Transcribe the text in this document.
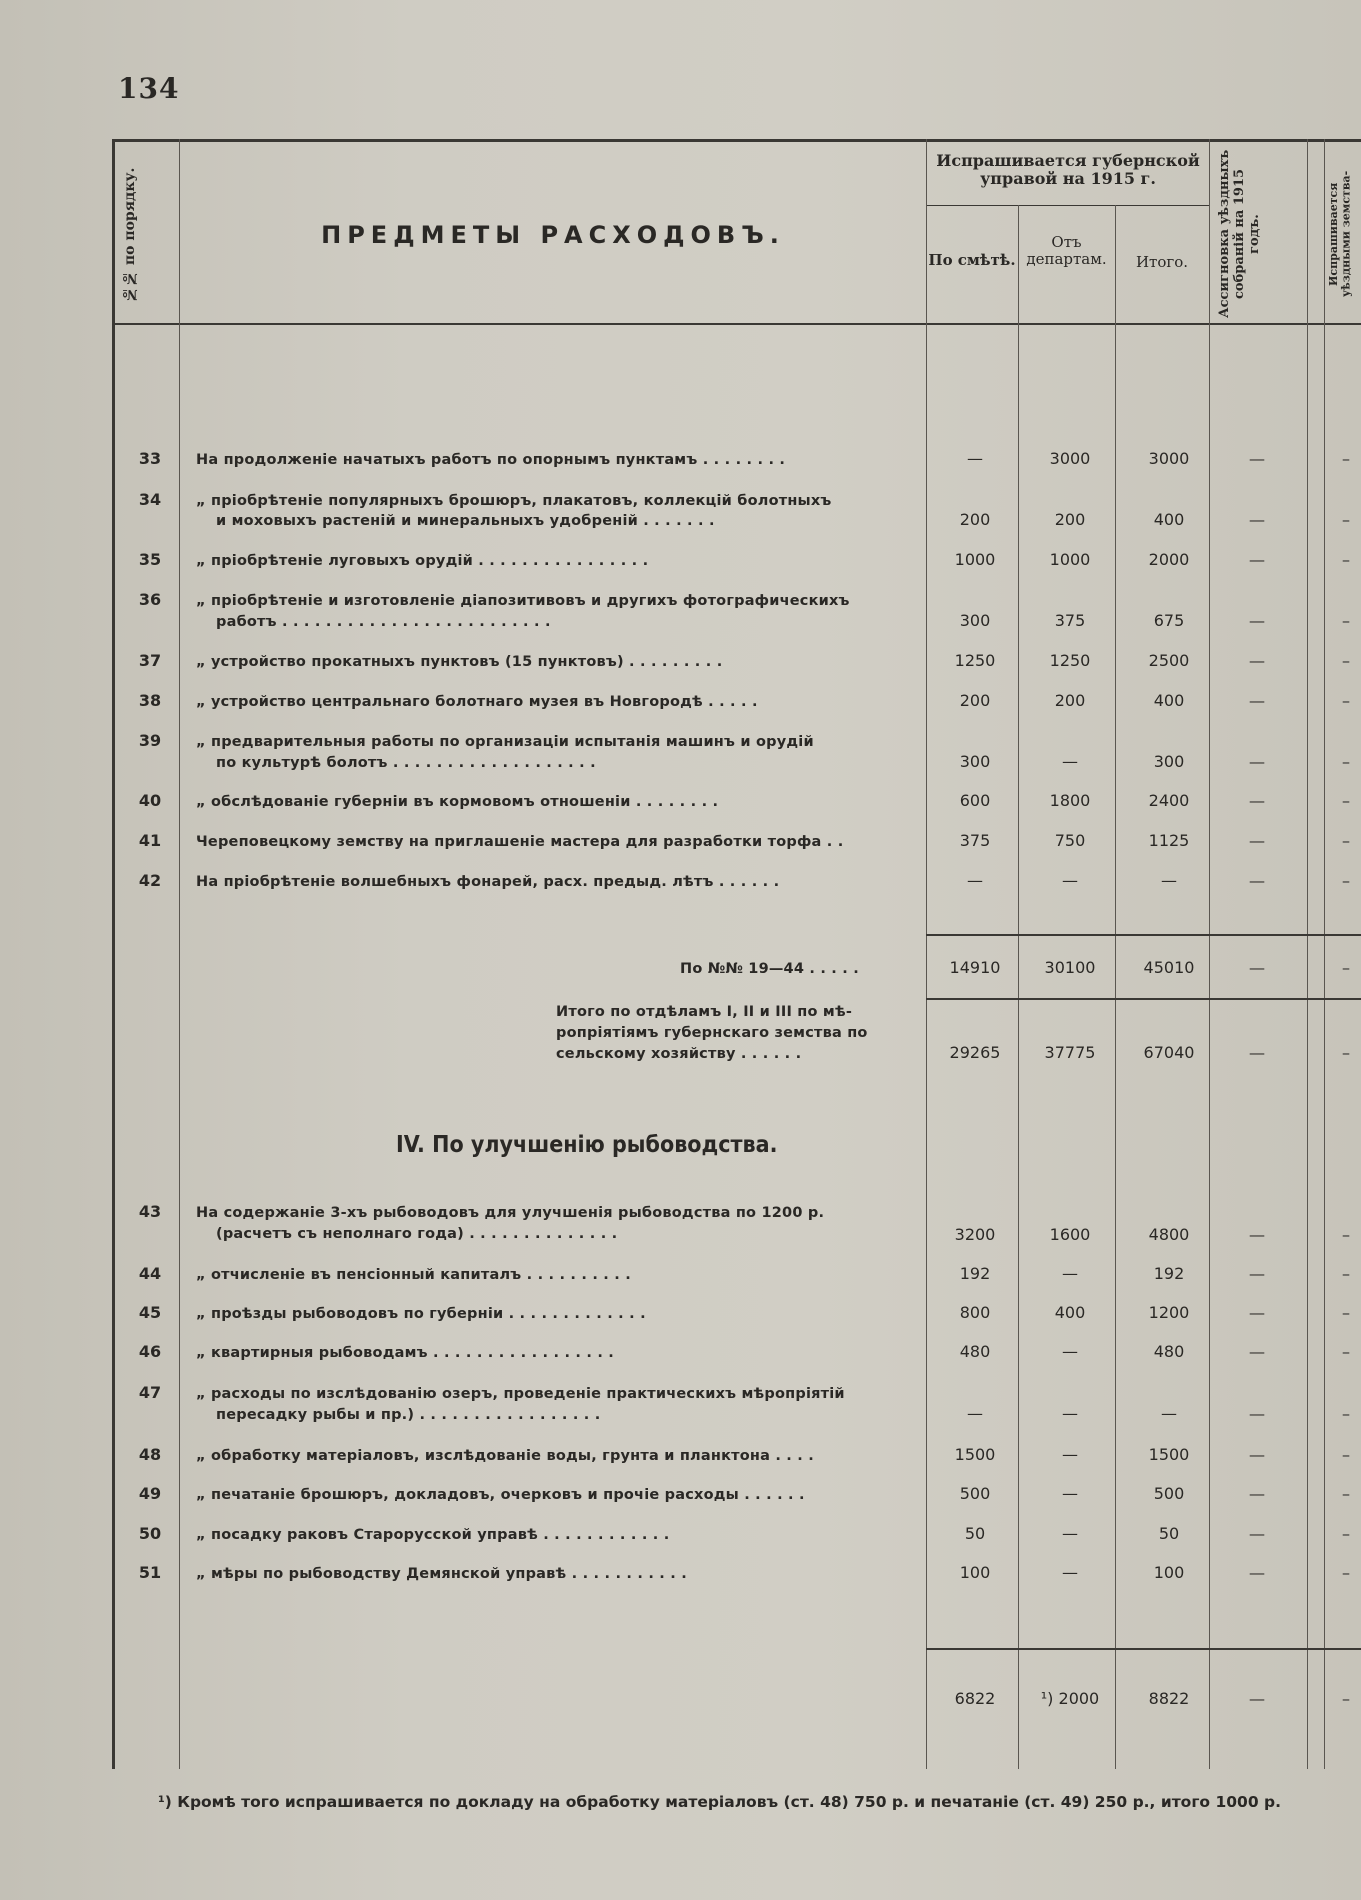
134
№№ по порядку.	ПРЕДМЕТЫ РАСХОДОВЪ.
Испрашивается губернской управой на 1915 г.
По смѣтѣ.
Отъ департам.	Итого.	Ассигновка уѣздныхъ собраній на 1915 годъ.	Испрашивается уѣздными земства-
33	На продолженіе начатыхъ работъ по опорнымъ пунктамъ . . . . . . . .	—	3000	3000	—	–
34	„ пріобрѣтеніе популярныхъ брошюръ, плакатовъ, коллекцій болотныхъ
и моховыхъ растеній и минеральныхъ удобреній . . . . . . .	200	200	400	—	–
35	„ пріобрѣтеніе луговыхъ орудій . . . . . . . . . . . . . . . .	1000	1000	2000	—	–
36	„ пріобрѣтеніе и изготовленіе діапозитивовъ и другихъ фотографическихъ
работъ . . . . . . . . . . . . . . . . . . . . . . . . .	300	375	675	—	–
37	„ устройство прокатныхъ пунктовъ (15 пунктовъ) . . . . . . . . .	1250	1250	2500	—	–
38	„ устройство центральнаго болотнаго музея въ Новгородѣ . . . . .	200	200	400	—	–
39	„ предварительныя работы по организаціи испытанія машинъ и орудій
по культурѣ болотъ . . . . . . . . . . . . . . . . . . .	300	—	300	—	–
40	„ обслѣдованіе губерніи въ кормовомъ отношеніи . . . . . . . .	600	1800	2400	—	–
41	Череповецкому земству на приглашеніе мастера для разработки торфа . .	375	750	1125	—	–
42	На пріобрѣтеніе волшебныхъ фонарей, расх. предыд. лѣтъ . . . . . .	—	—	—	—	–
По №№ 19—44 . . . . .	14910	30100	45010	—	–
Итого по отдѣламъ I, II и III по мѣ-
ропріятіямъ губернскаго земства по
сельскому хозяйству . . . . . .	29265	37775	67040	—	–
IV. По улучшенію рыбоводства.
43	На содержаніе 3-хъ рыбоводовъ для улучшенія рыбоводства по 1200 р.
(расчетъ съ неполнаго года) . . . . . . . . . . . . . .	3200	1600	4800	—	–
44	„ отчисленіе въ пенсіонный капиталъ . . . . . . . . . .	192	—	192	—	–
45	„ проѣзды рыбоводовъ по губерніи . . . . . . . . . . . . .	800	400	1200	—	–
46	„ квартирныя рыбоводамъ . . . . . . . . . . . . . . . . .	480	—	480	—	–
47	„ расходы по изслѣдованію озеръ, проведеніе практическихъ мѣропріятій
пересадку рыбы и пр.) . . . . . . . . . . . . . . . . .	—	—	—	—	–
48	„ обработку матеріаловъ, изслѣдованіе воды, грунта и планктона . . . .	1500	—	1500	—	–
49	„ печатаніе брошюръ, докладовъ, очерковъ и прочіе расходы . . . . . .	500	—	500	—	–
50	„ посадку раковъ Старорусской управѣ . . . . . . . . . . . .	50	—	50	—	–
51	„ мѣры по рыбоводству Демянской управѣ . . . . . . . . . . .	100	—	100	—	–
6822	¹) 2000	8822	—	–
¹) Кромѣ того испрашивается по докладу на обработку матеріаловъ (ст. 48) 750 р. и печатаніе (ст. 49) 250 р., итого 1000 р.
